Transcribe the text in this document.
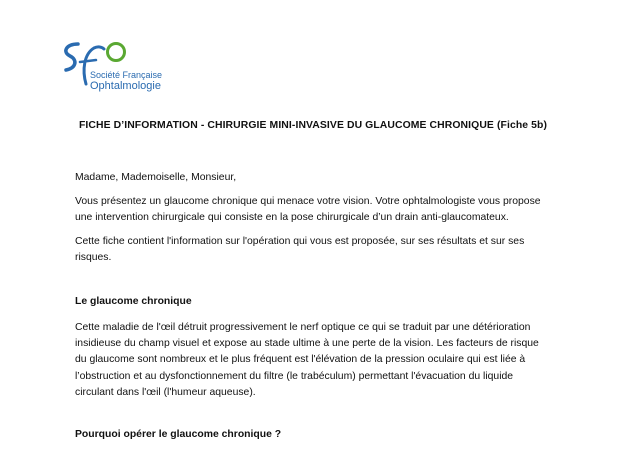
Société Française
Ophtalmologie
FICHE D’INFORMATION - CHIRURGIE MINI-INVASIVE DU GLAUCOME CHRONIQUE (Fiche 5b)
Madame, Mademoiselle, Monsieur,
Vous présentez un glaucome chronique qui menace votre vision. Votre ophtalmologiste vous propose
une intervention chirurgicale qui consiste en la pose chirurgicale d’un drain anti-glaucomateux.
Cette fiche contient l'information sur l'opération qui vous est proposée, sur ses résultats et sur ses
risques.
Le glaucome chronique
Cette maladie de l'œil détruit progressivement le nerf optique ce qui se traduit par une détérioration
insidieuse du champ visuel et expose au stade ultime à une perte de la vision. Les facteurs de risque
du glaucome sont nombreux et le plus fréquent est l'élévation de la pression oculaire qui est liée à
l’obstruction et au dysfonctionnement du filtre (le trabéculum) permettant l'évacuation du liquide
circulant dans l'œil (l'humeur aqueuse).
Pourquoi opérer le glaucome chronique ?
